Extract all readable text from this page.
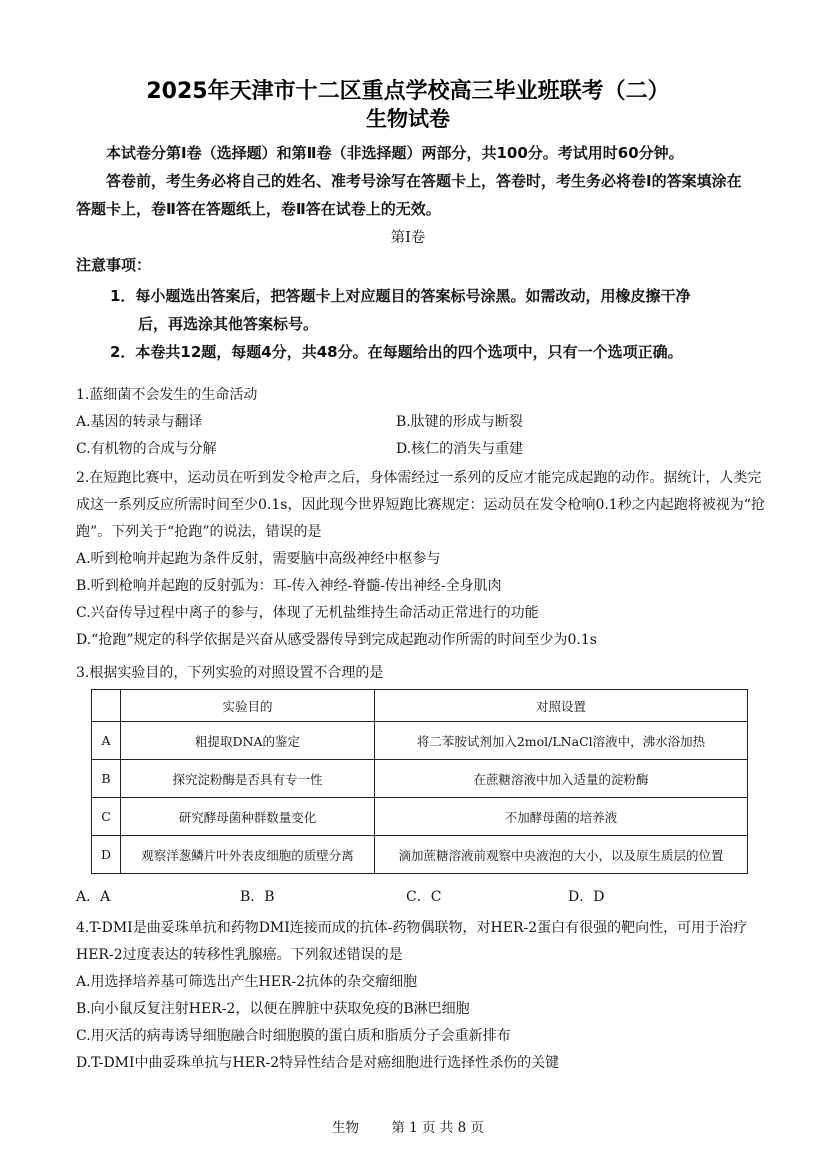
2025年天津市十二区重点学校高三毕业班联考（二）
生物试卷
本试卷分第Ⅰ卷（选择题）和第Ⅱ卷（非选择题）两部分，共100分。考试用时60分钟。
答卷前，考生务必将自己的姓名、准考号涂写在答题卡上，答卷时，考生务必将卷Ⅰ的答案填涂在答题卡上，卷Ⅱ答在答题纸上，卷Ⅱ答在试卷上的无效。
第Ⅰ卷
注意事项：
1．每小题选出答案后，把答题卡上对应题目的答案标号涂黑。如需改动，用橡皮擦干净
后，再选涂其他答案标号。
2．本卷共12题，每题4分，共48分。在每题给出的四个选项中，只有一个选项正确。
1.蓝细菌不会发生的生命活动
A.基因的转录与翻译	B.肽键的形成与断裂
C.有机物的合成与分解	D.核仁的消失与重建
2.在短跑比赛中，运动员在听到发令枪声之后，身体需经过一系列的反应才能完成起跑的动作。据统计，人类完成这一系列反应所需时间至少0.1s，因此现今世界短跑比赛规定：运动员在发令枪响0.1秒之内起跑将被视为“抢跑”。下列关于“抢跑”的说法，错误的是
A.听到枪响并起跑为条件反射，需要脑中高级神经中枢参与
B.听到枪响并起跑的反射弧为：耳-传入神经-脊髓-传出神经-全身肌肉
C.兴奋传导过程中离子的参与，体现了无机盐维持生命活动正常进行的功能
D.“抢跑”规定的科学依据是兴奋从感受器传导到完成起跑动作所需的时间至少为0.1s
3.根据实验目的，下列实验的对照设置不合理的是
	实验目的	对照设置
A	粗提取DNA的鉴定	将二苯胺试剂加入2mol/LNaCl溶液中，沸水浴加热
B	探究淀粉酶是否具有专一性	在蔗糖溶液中加入适量的淀粉酶
C	研究酵母菌种群数量变化	不加酵母菌的培养液
D	观察洋葱鳞片叶外表皮细胞的质壁分离	滴加蔗糖溶液前观察中央液泡的大小，以及原生质层的位置
A．A	B．B	C．C	D．D
4.T-DMI是曲妥珠单抗和药物DMI连接而成的抗体-药物偶联物，对HER-2蛋白有很强的靶向性，可用于治疗HER-2过度表达的转移性乳腺癌。下列叙述错误的是
A.用选择培养基可筛选出产生HER-2抗体的杂交瘤细胞
B.向小鼠反复注射HER-2，以便在脾脏中获取免疫的B淋巴细胞
C.用灭活的病毒诱导细胞融合时细胞膜的蛋白质和脂质分子会重新排布
D.T-DMI中曲妥珠单抗与HER-2特异性结合是对癌细胞进行选择性杀伤的关键
生物 第 1 页 共 8 页
